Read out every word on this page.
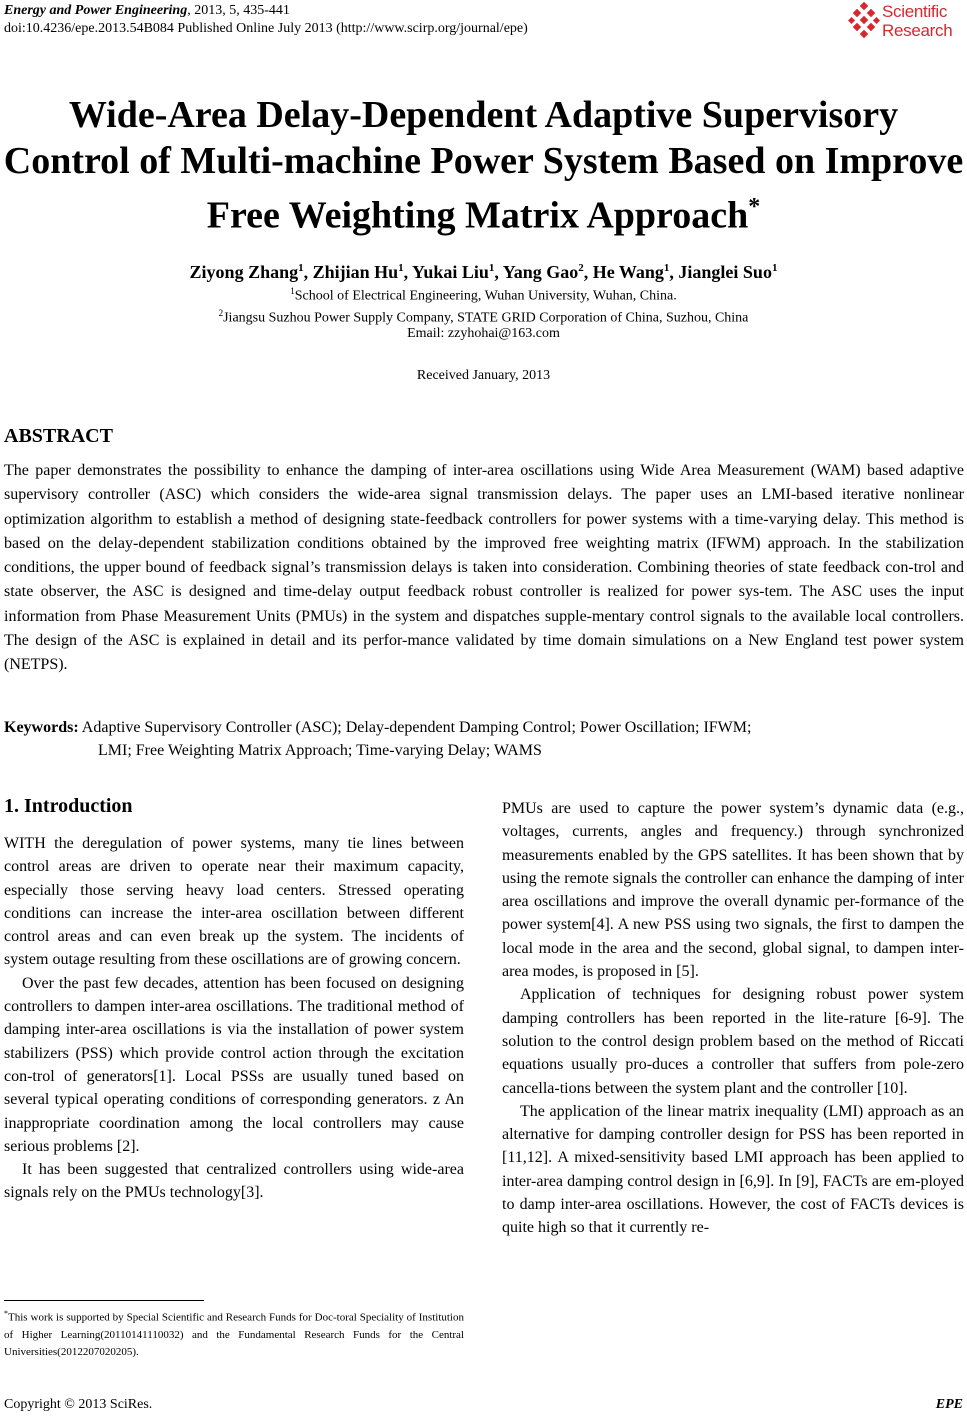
Energy and Power Engineering, 2013, 5, 435-441
doi:10.4236/epe.2013.54B084 Published Online July 2013 (http://www.scirp.org/journal/epe)
Scientific
Research
Wide-Area Delay-Dependent Adaptive Supervisory
Control of Multi-machine Power System Based on Improve
Free Weighting Matrix Approach*
Ziyong Zhang$^1$, Zhijian Hu$^1$, Yukai Liu$^1$, Yang Gao$^2$, He Wang$^1$, Jianglei Suo$^1$
$^1$School of Electrical Engineering, Wuhan University, Wuhan, China.
$^2$Jiangsu Suzhou Power Supply Company, STATE GRID Corporation of China, Suzhou, China
Email: zzyhohai@163.com
Received January, 2013
ABSTRACT
The paper demonstrates the possibility to enhance the damping of inter-area oscillations using Wide Area Measurement (WAM) based adaptive supervisory controller (ASC) which considers the wide-area signal transmission delays. The paper uses an LMI-based iterative nonlinear optimization algorithm to establish a method of designing state-feedback controllers for power systems with a time-varying delay. This method is based on the delay-dependent stabilization conditions obtained by the improved free weighting matrix (IFWM) approach. In the stabilization conditions, the upper bound of feedback signal’s transmission delays is taken into consideration. Combining theories of state feedback con-trol and state observer, the ASC is designed and time-delay output feedback robust controller is realized for power sys-tem. The ASC uses the input information from Phase Measurement Units (PMUs) in the system and dispatches supple-mentary control signals to the available local controllers. The design of the ASC is explained in detail and its perfor-mance validated by time domain simulations on a New England test power system (NETPS).
Keywords: Adaptive Supervisory Controller (ASC); Delay-dependent Damping Control; Power Oscillation; IFWM;
LMI; Free Weighting Matrix Approach; Time-varying Delay; WAMS
1. Introduction

WITH the deregulation of power systems, many tie lines between control areas are driven to operate near their maximum capacity, especially those serving heavy load centers. Stressed operating conditions can increase the inter-area oscillation between different control areas and can even break up the system. The incidents of system outage resulting from these oscillations are of growing concern.

Over the past few decades, attention has been focused on designing controllers to dampen inter-area oscillations. The traditional method of damping inter-area oscillations is via the installation of power system stabilizers (PSS) which provide control action through the excitation con-trol of generators[1]. Local PSSs are usually tuned based on several typical operating conditions of corresponding generators. z An inappropriate coordination among the local controllers may cause serious problems [2].

It has been suggested that centralized controllers using wide-area signals rely on the PMUs technology[3].

PMUs are used to capture the power system’s dynamic data (e.g., voltages, currents, angles and frequency.) through synchronized measurements enabled by the GPS satellites. It has been shown that by using the remote signals the controller can enhance the damping of inter area oscillations and improve the overall dynamic per-formance of the power system[4]. A new PSS using two signals, the first to dampen the local mode in the area and the second, global signal, to dampen inter-area modes, is proposed in [5].

Application of techniques for designing robust power system damping controllers has been reported in the lite-rature [6-9]. The solution to the control design problem based on the method of Riccati equations usually pro-duces a controller that suffers from pole-zero cancella-tions between the system plant and the controller [10].

The application of the linear matrix inequality (LMI) approach as an alternative for damping controller design for PSS has been reported in [11,12]. A mixed-sensitivity based LMI approach has been applied to inter-area damping control design in [6,9]. In [9], FACTs are em-ployed to damp inter-area oscillations. However, the cost of FACTs devices is quite high so that it currently re-

*This work is supported by Special Scientific and Research Funds for Doc-toral Speciality of Institution of Higher Learning(20110141110032) and the Fundamental Research Funds for the Central Universities(2012207020205).
Copyright © 2013 SciRes.	EPE
